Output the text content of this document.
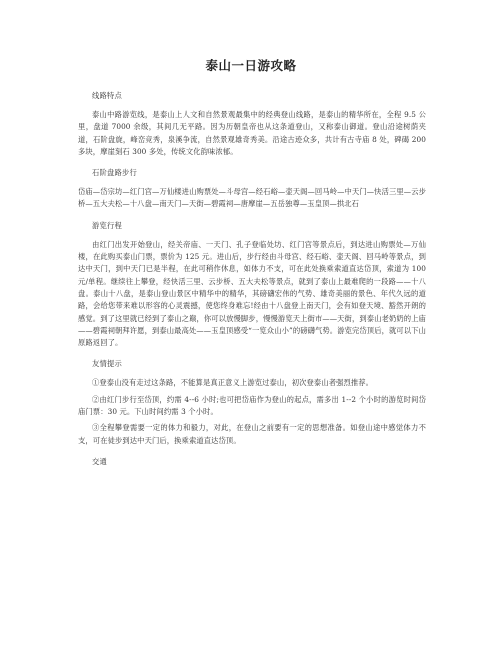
泰山一日游攻略
线路特点
泰山中路游览线，是泰山上人文和自然景观最集中的经典登山线路，是泰山的精华所在，全程 9.5 公里，盘道 7000 余级，其间几无平路。因为历朝皇帝也从这条道登山，又称泰山御道。登山沿途树荫夹道，石阶盘旋，峰峦竞秀，泉溪争流，自然景观雄奇秀美。沿途古迹众多，共计有古寺庙 8 处，碑碣 200 多块，摩崖刻石 300 多处，传统文化韵味浓郁。
石阶盘路步行
岱庙—岱宗坊—红门宫—万仙楼进山购票处—斗母宫—经石峪—壶天阁—回马岭—中天门—快活三里—云步桥—五大夫松—十八盘—南天门—天街—碧霞祠—唐摩崖—五岳独尊—玉皇顶—拱北石
游览行程
由红门出发开始登山，经关帝庙、一天门、孔子登临处坊、红门宫等景点后，到达进山购票处—万仙楼，在此购买泰山门票，票价为 125 元。进山后，步行经由斗母宫、经石峪、壶天阁、回马岭等景点，到达中天门，到中天门已是半程，在此可稍作休息，如体力不支，可在此处换乘索道直达岱顶，索道为 100 元/单程。继续往上攀登，经快活三里、云步桥、五大夫松等景点，就到了泰山上最难爬的一段路——十八盘。泰山十八盘，是泰山登山景区中精华中的精华，其磅礴宏伟的气势、雄奇美丽的景色、年代久远的道路，会给您带来难以形容的心灵震撼，使您终身难忘!经由十八盘登上南天门，会有如登天境、豁然开朗的感觉。到了这里就已经到了泰山之巅，你可以放慢脚步，慢慢游览天上街市——天街，到泰山老奶奶的上庙——碧霞祠朝拜许愿，到泰山最高处——玉皇顶感受“一览众山小”的磅礴气势。游览完岱顶后，就可以下山原路返回了。
友情提示
①登泰山没有走过这条路，不能算是真正意义上游览过泰山，初次登泰山者强烈推荐。
②由红门步行至岱顶，约需 4--6 小时;也可把岱庙作为登山的起点，需多出 1--2 个小时的游览时间岱庙门票：30 元。下山时间约需 3 个小时。
③全程攀登需要一定的体力和毅力，对此，在登山之前要有一定的思想准备。如登山途中感觉体力不支，可在徒步到达中天门后，换乘索道直达岱顶。
交通
